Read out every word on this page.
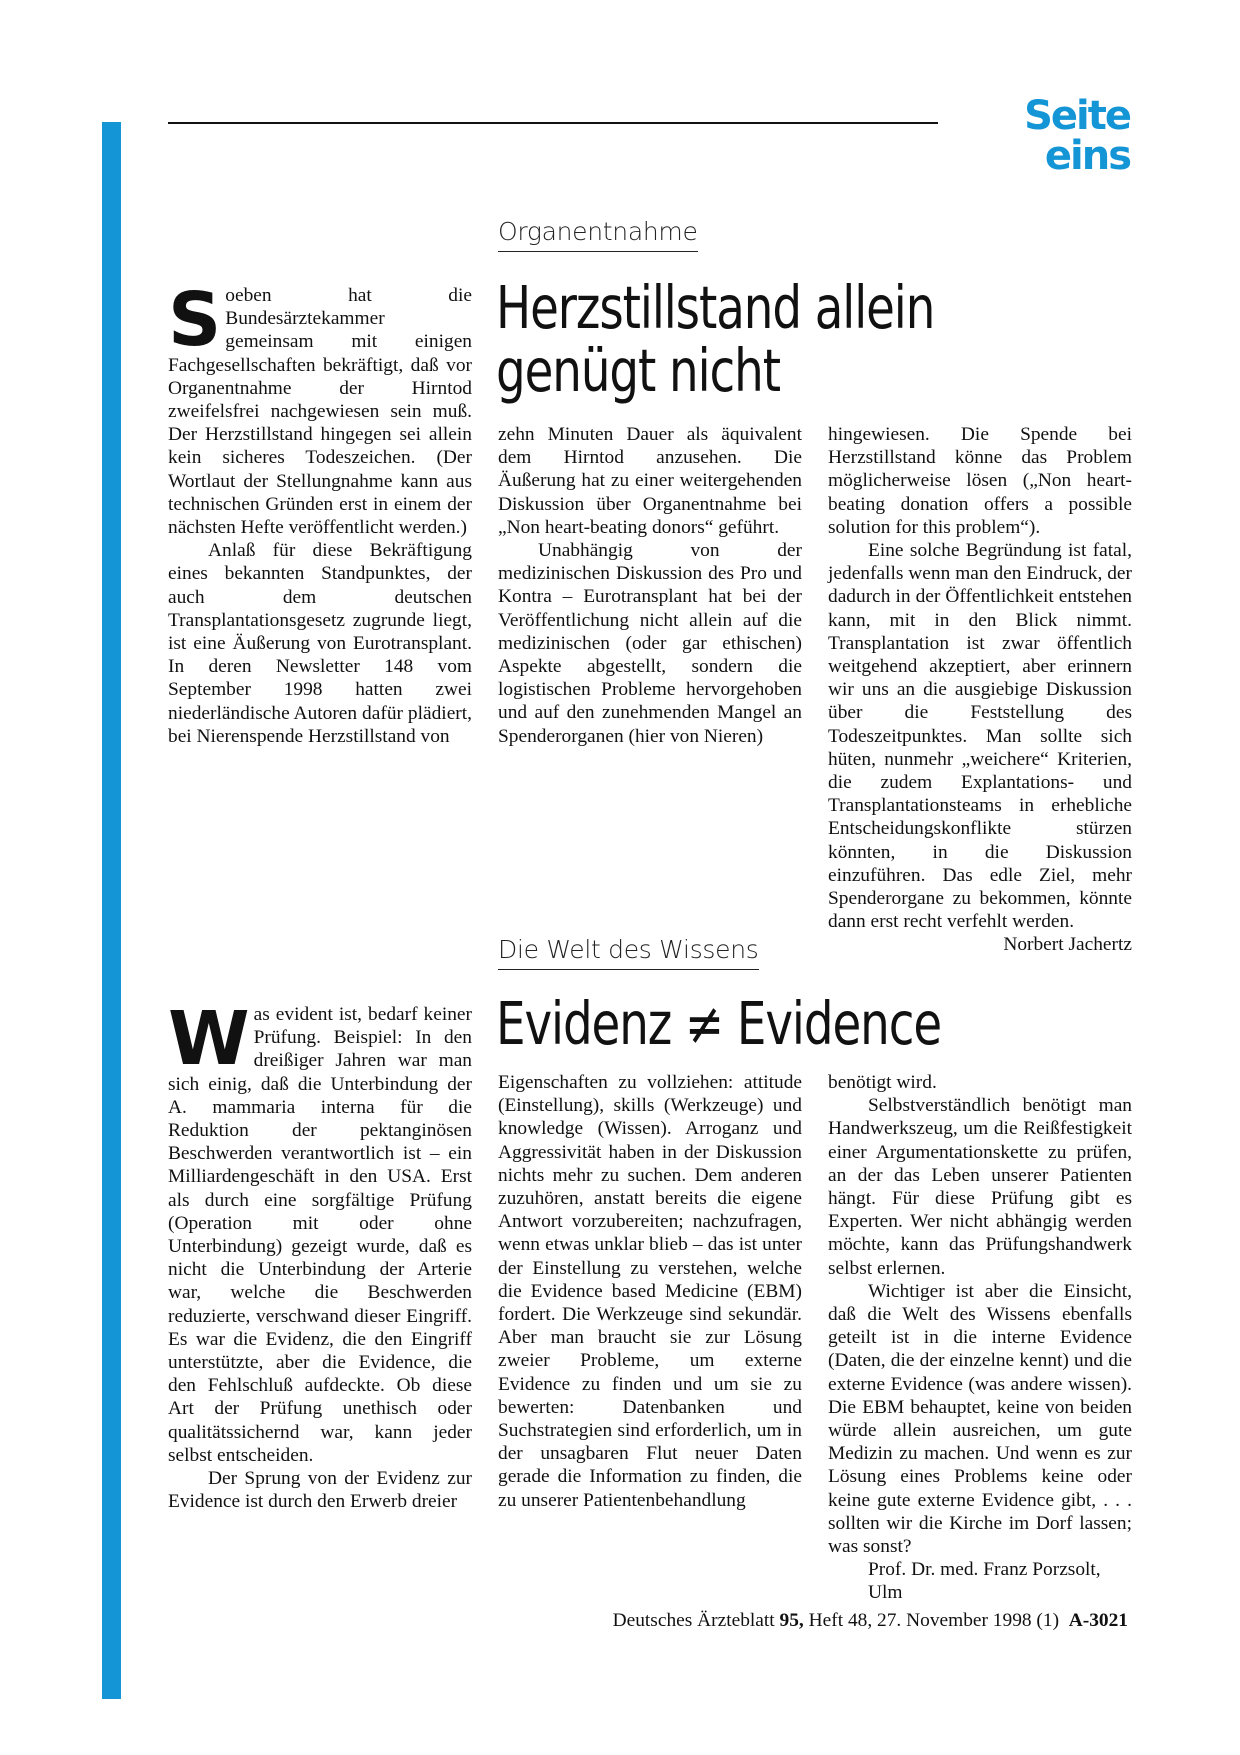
Seite eins
Organentnahme
Herzstillstand allein
genügt nicht

Soeben hat die Bundesärztekammer gemeinsam mit einigen Fachgesellschaften bekräftigt, daß vor Organentnahme der Hirntod zweifelsfrei nachgewiesen sein muß. Der Herzstillstand hingegen sei allein kein sicheres Todeszeichen. (Der Wortlaut der Stellungnahme kann aus technischen Gründen erst in einem der nächsten Hefte veröffentlicht werden.)

Anlaß für diese Bekräftigung eines bekannten Standpunktes, der auch dem deutschen Transplantationsgesetz zugrunde liegt, ist eine Äußerung von Eurotransplant. In deren Newsletter 148 vom September 1998 hatten zwei niederländische Autoren dafür plädiert, bei Nierenspende Herzstillstand von

zehn Minuten Dauer als äquivalent dem Hirntod anzusehen. Die Äußerung hat zu einer weitergehenden Diskussion über Organentnahme bei „Non heart-beating donors“ geführt.

Unabhängig von der medizinischen Diskussion des Pro und Kontra – Eurotransplant hat bei der Veröffentlichung nicht allein auf die medizinischen (oder gar ethischen) Aspekte abgestellt, sondern die logistischen Probleme hervorgehoben und auf den zunehmenden Mangel an Spenderorganen (hier von Nieren)

hingewiesen. Die Spende bei Herzstillstand könne das Problem möglicherweise lösen („Non heart-beating donation offers a possible solution for this problem“).

Eine solche Begründung ist fatal, jedenfalls wenn man den Eindruck, der dadurch in der Öffentlichkeit entstehen kann, mit in den Blick nimmt. Transplantation ist zwar öffentlich weitgehend akzeptiert, aber erinnern wir uns an die ausgiebige Diskussion über die Feststellung des Todeszeitpunktes. Man sollte sich hüten, nunmehr „weichere“ Kriterien, die zudem Explantations- und Transplantationsteams in erhebliche Entscheidungskonflikte stürzen könnten, in die Diskussion einzuführen. Das edle Ziel, mehr Spenderorgane zu bekommen, könnte dann erst recht verfehlt werden.
Norbert Jachertz

Die Welt des Wissens
Evidenz ≠ Evidence

Was evident ist, bedarf keiner Prüfung. Beispiel: In den dreißiger Jahren war man sich einig, daß die Unterbindung der A. mammaria interna für die Reduktion der pektanginösen Beschwerden verantwortlich ist – ein Milliardengeschäft in den USA. Erst als durch eine sorgfältige Prüfung (Operation mit oder ohne Unterbindung) gezeigt wurde, daß es nicht die Unterbindung der Arterie war, welche die Beschwerden reduzierte, verschwand dieser Eingriff. Es war die Evidenz, die den Eingriff unterstützte, aber die Evidence, die den Fehlschluß aufdeckte. Ob diese Art der Prüfung unethisch oder qualitätssichernd war, kann jeder selbst entscheiden.

Der Sprung von der Evidenz zur Evidence ist durch den Erwerb dreier

Eigenschaften zu vollziehen: attitude (Einstellung), skills (Werkzeuge) und knowledge (Wissen). Arroganz und Aggressivität haben in der Diskussion nichts mehr zu suchen. Dem anderen zuzuhören, anstatt bereits die eigene Antwort vorzubereiten; nachzufragen, wenn etwas unklar blieb – das ist unter der Einstellung zu verstehen, welche die Evidence based Medicine (EBM) fordert. Die Werkzeuge sind sekundär. Aber man braucht sie zur Lösung zweier Probleme, um externe Evidence zu finden und um sie zu bewerten: Datenbanken und Suchstrategien sind erforderlich, um in der unsagbaren Flut neuer Daten gerade die Information zu finden, die zu unserer Patientenbehandlung

benötigt wird.

Selbstverständlich benötigt man Handwerkszeug, um die Reißfestigkeit einer Argumentationskette zu prüfen, an der das Leben unserer Patienten hängt. Für diese Prüfung gibt es Experten. Wer nicht abhängig werden möchte, kann das Prüfungshandwerk selbst erlernen.

Wichtiger ist aber die Einsicht, daß die Welt des Wissens ebenfalls geteilt ist in die interne Evidence (Daten, die der einzelne kennt) und die externe Evidence (was andere wissen). Die EBM behauptet, keine von beiden würde allein ausreichen, um gute Medizin zu machen. Und wenn es zur Lösung eines Problems keine oder keine gute externe Evidence gibt, . . . sollten wir die Kirche im Dorf lassen; was sonst?

Prof. Dr. med. Franz Porzsolt,
Ulm

Deutsches Ärzteblatt 95, Heft 48, 27. November 1998 (1) A-3021
